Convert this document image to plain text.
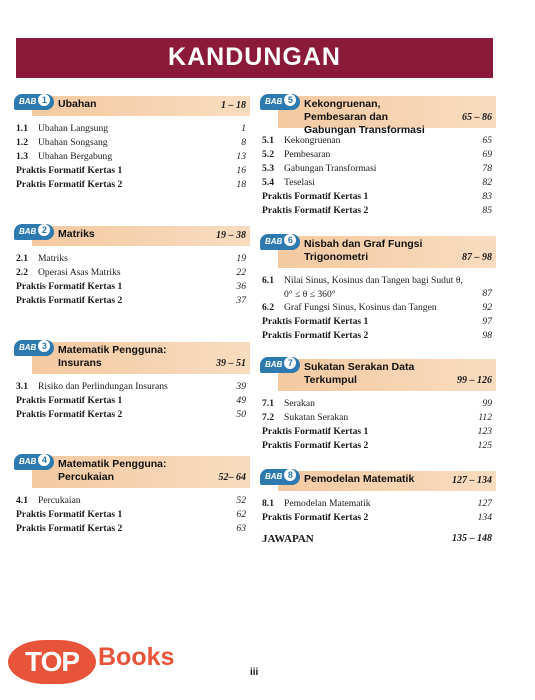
KANDUNGAN
BAB 1	Ubahan	1 – 18
1.1 Ubahan Langsung	1
1.2 Ubahan Songsang	8
1.3 Ubahan Bergabung	13
Praktis Formatif Kertas 1	16
Praktis Formatif Kertas 2	18
BAB 2	Matriks	19 – 38
2.1 Matriks	19
2.2 Operasi Asas Matriks	22
Praktis Formatif Kertas 1	36
Praktis Formatif Kertas 2	37
BAB 3	Matematik Pengguna: Insurans	39 – 51
3.1 Risiko dan Perlindungan Insurans	39
Praktis Formatif Kertas 1	49
Praktis Formatif Kertas 2	50
BAB 4	Matematik Pengguna: Percukaian	52– 64
4.1 Percukaian	52
Praktis Formatif Kertas 1	62
Praktis Formatif Kertas 2	63
BAB 5	Kekongruenan, Pembesaran dan Gabungan Transformasi
65 – 86
5.1 Kekongruenan	65
5.2 Pembesaran	69
5.3 Gabungan Transformasi	78
5.4 Teselasi	82
Praktis Formatif Kertas 1	83
Praktis Formatif Kertas 2	85
BAB 6	Nisbah dan Graf Fungsi Trigonometri	87 – 98
6.1 Nilai Sinus, Kosinus dan Tangen bagi Sudut θ, 0° ≤ θ ≤ 360°	87
6.2 Graf Fungsi Sinus, Kosinus dan Tangen	92
Praktis Formatif Kertas 1	97
Praktis Formatif Kertas 2	98
BAB 7	Sukatan Serakan Data Terkumpul	99 – 126
7.1 Serakan	99
7.2 Sukatan Serakan	112
Praktis Formatif Kertas 1	123
Praktis Formatif Kertas 2	125
BAB 8	Pemodelan Matematik	127 – 134
8.1 Pemodelan Matematik	127
Praktis Formatif Kertas 2	134
JAWAPAN	135 – 148
iii
TOP Books
